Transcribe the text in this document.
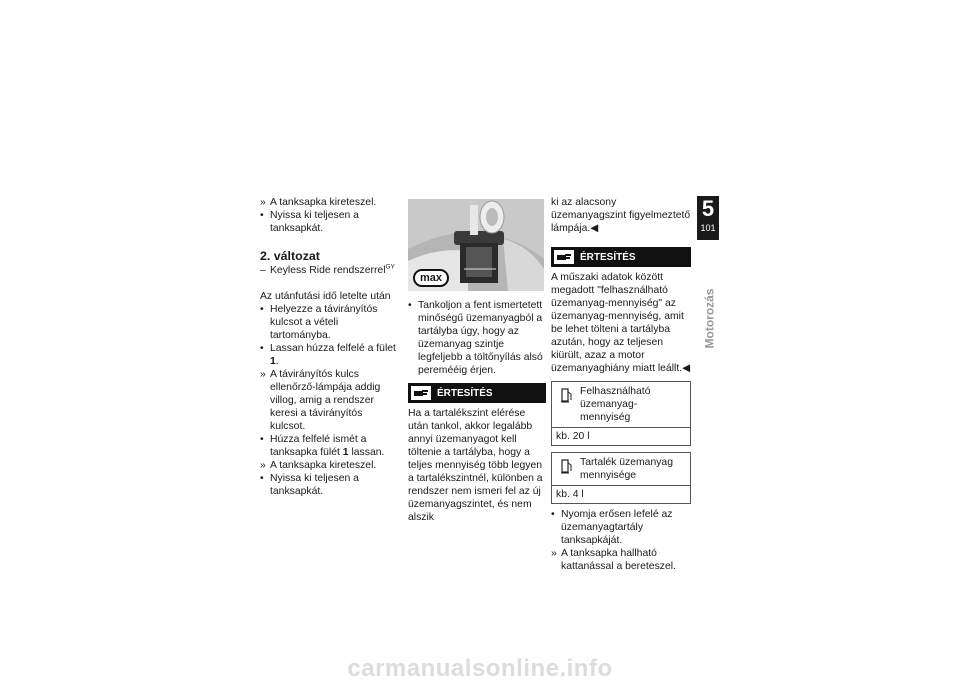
» A tanksapka kireteszel.
• Nyissa ki teljesen a tanksapkát.

2. változat

– Keyless Ride rendszerrel$^{GY}$

Az utánfutási idő letelte után

• Helyezze a távirányítós kulcsot a vételi tartományba.
• Lassan húzza felfelé a fület 1.
» A távirányítós kulcs ellenőrző-lámpája addig villog, amig a rendszer keresi a távirányítós kulcsot.
• Húzza felfelé ismét a tanksapka fülét 1 lassan.
» A tanksapka kireteszel.
• Nyissa ki teljesen a tanksapkát.
max
• Tankoljon a fent ismertetett minőségű üzemanyagból a tartályba úgy, hogy az üzemanyag szintje legfeljebb a töltőnyílás alsó peremééig érjen.
ÉRTESÍTÉS

Ha a tartalékszint elérése után tankol, akkor legalább annyi üzemanyagot kell töltenie a tartályba, hogy a teljes mennyiség több legyen a tartalékszintnél, különben a rendszer nem ismeri fel az új üzemanyagszintet, és nem alszik

ki az alacsony üzemanyagszint figyelmeztető lámpája.◀

ÉRTESÍTÉS

A műszaki adatok között megadott "felhasználható üzemanyag-mennyiség" az üzemanyag-mennyiség, amit be lehet tölteni a tartályba azután, hogy az teljesen kiürült, azaz a motor üzemanyaghiány miatt leállt.◀

Felhasználható üzemanyag-mennyiség
kb. 20 l
Tartalék üzemanyag mennyisége
kb. 4 l
• Nyomja erősen lefelé az üzemanyagtartály tanksapkáját.
» A tanksapka hallható kattanással a bereteszel.
5
101
Motorozás
carmanualsonline.info
